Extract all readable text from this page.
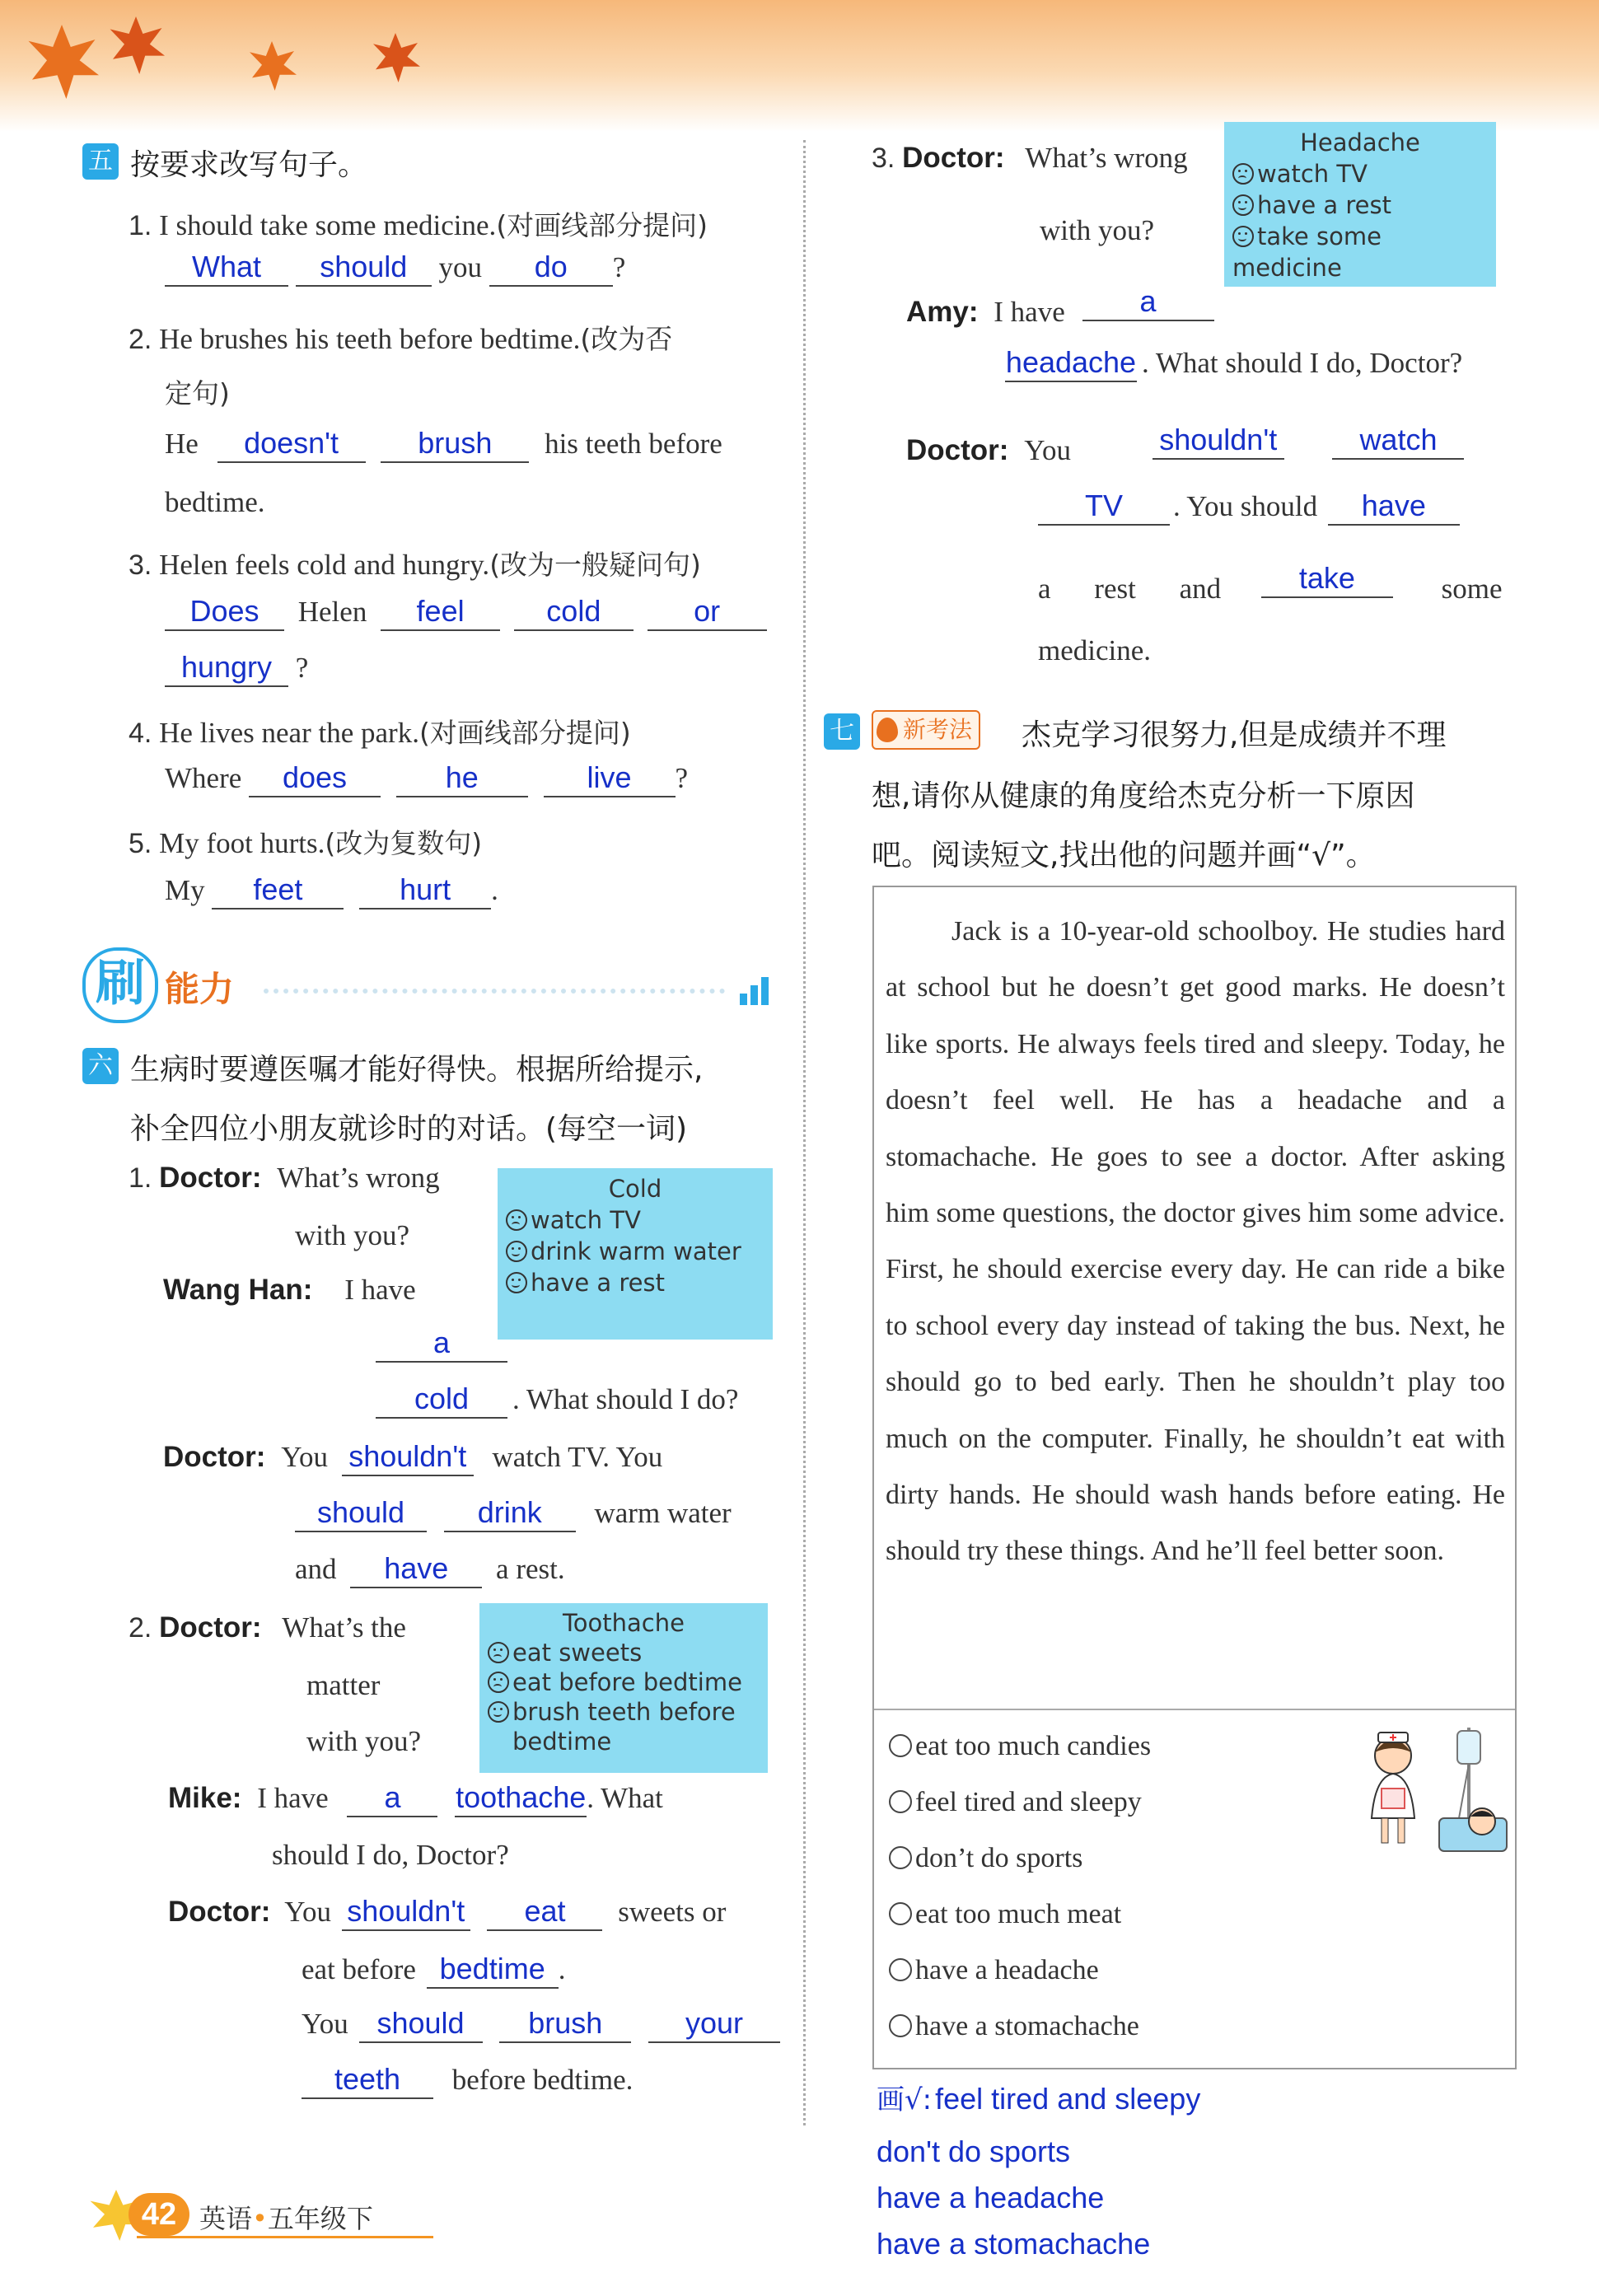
五 按要求改写句子。
1. I should take some medicine.(对画线部分提问)
What should you do ?
2. He brushes his teeth before bedtime.(改为否
定句)
He doesn't	brush his teeth before
bedtime.
3. Helen feels cold and hungry.(改为一般疑问句)
Does Helen feel	cold	or
hungry ?
4. He lives near the park.(对画线部分提问)
Where does	he	live ?
5. My foot hurts.(改为复数句)
My feet	hurt .
刷 能力
六 生病时要遵医嘱才能好得快。根据所给提示,
补全四位小朋友就诊时的对话。(每空一词)
1. Doctor: What’s wrong
with you?
Cold
watch TV
drink warm water
have a rest
Wang Han: I have
a
cold . What should I do?
Doctor: You shouldn't watch TV. You
should drink warm water
and have a rest.
2. Doctor: What’s the
matter
with you?
Toothache
eat sweets
eat before bedtime
brush teeth before
bedtime
Mike: I have a toothache. What
should I do, Doctor?
Doctor: You shouldn't eat sweets or
eat before bedtime .
You should brush	your
teeth before bedtime.
3. Doctor: What’s wrong
with you?
Headache
watch TV
have a rest
take some medicine
Amy: I have	a
headache . What should I do, Doctor?
Doctor: You	shouldn't	watch
TV . You should have
a rest and	take	some
medicine.
七	新考法 杰克学习很努力,但是成绩并不理
想,请你从健康的角度给杰克分析一下原因
吧。阅读短文,找出他的问题并画“√”。
Jack is a 10-year-old schoolboy. He studies hard at school but he doesn’t get good marks. He doesn’t like sports. He always feels tired and sleepy. Today, he doesn’t feel well. He has a headache and a stomachache. He goes to see a doctor. After asking him some questions, the doctor gives him some advice. First, he should exercise every day. He can ride a bike to school every day instead of taking the bus. Next, he should go to bed early. Then he shouldn’t play too much on the computer. Finally, he shouldn’t eat with dirty hands. He should wash hands before eating. He should try these things. And he’ll feel better soon.
eat too much candies
feel tired and sleepy
don’t do sports
eat too much meat
have a headache
have a stomachache
画√: feel tired and sleepy
don't do sports
have a headache
have a stomachache
42 英语•五年级下
